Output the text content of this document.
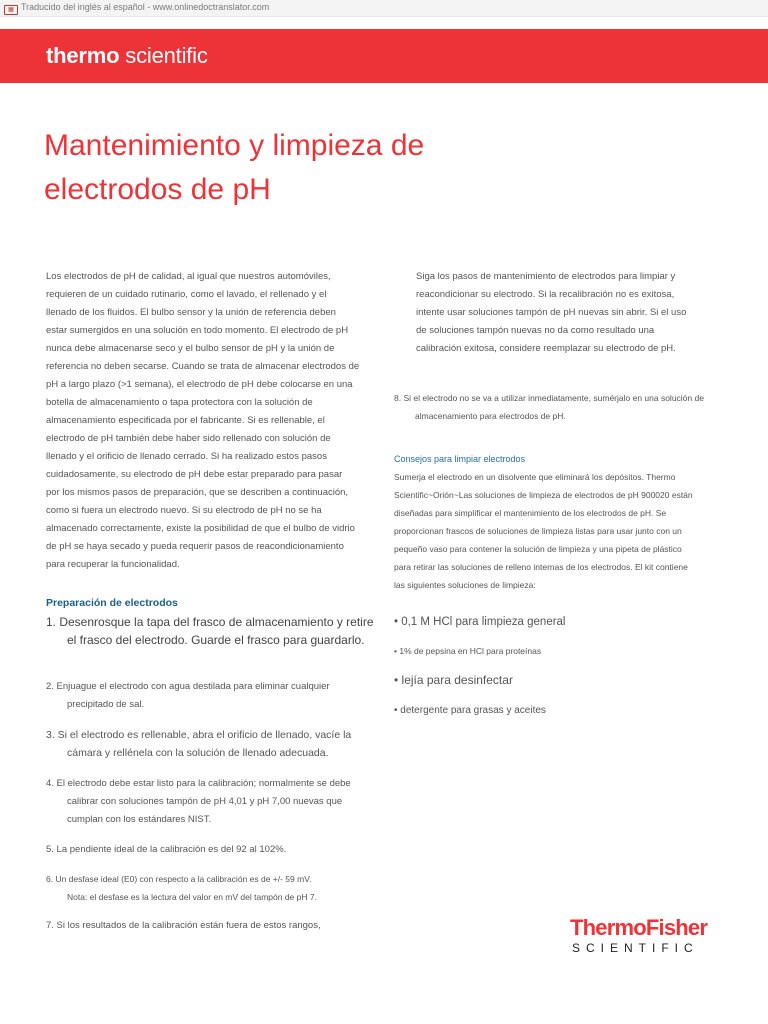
▦ Traducido del inglés al español - www.onlinedoctranslator.com
thermo scientific
Mantenimiento y limpieza de
electrodos de pH

Los electrodos de pH de calidad, al igual que nuestros automóviles,

requieren de un cuidado rutinario, como el lavado, el rellenado y el

llenado de los fluidos. El bulbo sensor y la unión de referencia deben

estar sumergidos en una solución en todo momento. El electrodo de pH

nunca debe almacenarse seco y el bulbo sensor de pH y la unión de

referencia no deben secarse. Cuando se trata de almacenar electrodos de

pH a largo plazo (>1 semana), el electrodo de pH debe colocarse en una

botella de almacenamiento o tapa protectora con la solución de

almacenamiento especificada por el fabricante. Si es rellenable, el

electrodo de pH también debe haber sido rellenado con solución de

llenado y el orificio de llenado cerrado. Si ha realizado estos pasos

cuidadosamente, su electrodo de pH debe estar preparado para pasar

por los mismos pasos de preparación, que se describen a continuación,

como si fuera un electrodo nuevo. Si su electrodo de pH no se ha

almacenado correctamente, existe la posibilidad de que el bulbo de vidrio

de pH se haya secado y pueda requerir pasos de reacondicionamiento

para recuperar la funcionalidad.

Preparación de electrodos

1. Desenrosque la tapa del frasco de almacenamiento y retire

el frasco del electrodo. Guarde el frasco para guardarlo.

2. Enjuague el electrodo con agua destilada para eliminar cualquier

precipitado de sal.

3. Si el electrodo es rellenable, abra el orificio de llenado, vacíe la

cámara y rellénela con la solución de llenado adecuada.

4. El electrodo debe estar listo para la calibración; normalmente se debe

calibrar con soluciones tampón de pH 4,01 y pH 7,00 nuevas que

cumplan con los estándares NIST.

5. La pendiente ideal de la calibración es del 92 al 102%.

6. Un desfase ideal (E0) con respecto a la calibración es de +/- 59 mV.

Nota: el desfase es la lectura del valor en mV del tampón de pH 7.

7. Si los resultados de la calibración están fuera de estos rangos,

Siga los pasos de mantenimiento de electrodos para limpiar y

reacondicionar su electrodo. Si la recalibración no es exitosa,

intente usar soluciones tampón de pH nuevas sin abrir. Si el uso

de soluciones tampón nuevas no da como resultado una

calibración exitosa, considere reemplazar su electrodo de pH.

8. Si el electrodo no se va a utilizar inmediatamente, sumérjalo en una solución de

almacenamiento para electrodos de pH.

Consejos para limpiar electrodos

Sumerja el electrodo en un disolvente que eliminará los depósitos. Thermo

Scientific~Orión~Las soluciones de limpieza de electrodos de pH 900020 están

diseñadas para simplificar el mantenimiento de los electrodos de pH. Se

proporcionan frascos de soluciones de limpieza listas para usar junto con un

pequeño vaso para contener la solución de limpieza y una pipeta de plástico

para retirar las soluciones de relleno internas de los electrodos. El kit contiene

las siguientes soluciones de limpieza:

• 0,1 M HCl para limpieza general
• 1% de pepsina en HCl para proteínas
• lejía para desinfectar
• detergente para grasas y aceites
ThermoFisher
SCIENTIFIC
